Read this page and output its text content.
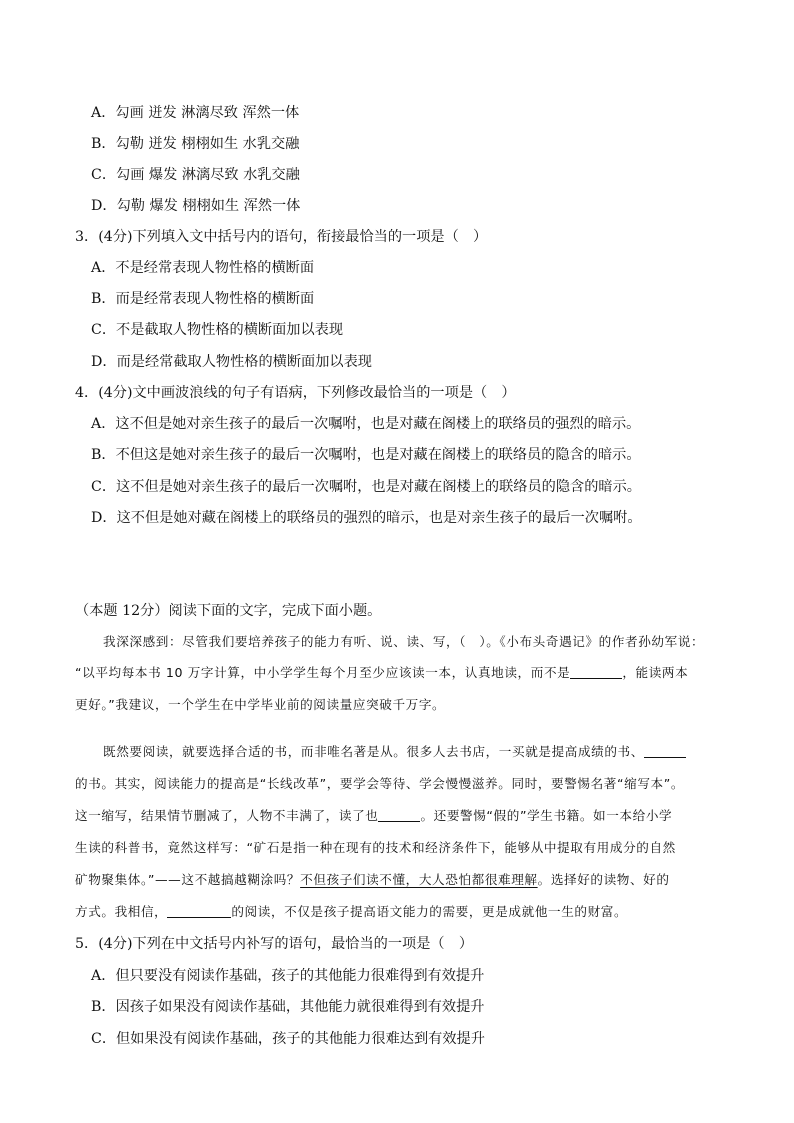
A．勾画 迸发 淋漓尽致 浑然一体
B．勾勒 迸发 栩栩如生 水乳交融
C．勾画 爆发 淋漓尽致 水乳交融
D．勾勒 爆发 栩栩如生 浑然一体
3．(4分)下列填入文中括号内的语句，衔接最恰当的一项是（　）
A．不是经常表现人物性格的横断面
B．而是经常表现人物性格的横断面
C．不是截取人物性格的横断面加以表现
D．而是经常截取人物性格的横断面加以表现
4．(4分)文中画波浪线的句子有语病，下列修改最恰当的一项是（　）
A．这不但是她对亲生孩子的最后一次嘱咐，也是对藏在阁楼上的联络员的强烈的暗示。
B．不但这是她对亲生孩子的最后一次嘱咐，也是对藏在阁楼上的联络员的隐含的暗示。
C．这不但是她对亲生孩子的最后一次嘱咐，也是对藏在阁楼上的联络员的隐含的暗示。
D．这不但是她对藏在阁楼上的联络员的强烈的暗示，也是对亲生孩子的最后一次嘱咐。
（本题 12分）阅读下面的文字，完成下面小题。
我深深感到：尽管我们要培养孩子的能力有听、说、读、写，（　）。《小布头奇遇记》的作者孙幼军说：
“以平均每本书 10 万字计算，中小学学生每个月至少应该读一本，认真地读，而不是	，能读两本
更好。”我建议，一个学生在中学毕业前的阅读量应突破千万字。
既然要阅读，就要选择合适的书，而非唯名著是从。很多人去书店，一买就是提高成绩的书、
的书。其实，阅读能力的提高是“长线改革”，要学会等待、学会慢慢滋养。同时，要警惕名著“缩写本”。
这一缩写，结果情节删减了，人物不丰满了，读了也	。还要警惕“假的”学生书籍。如一本给小学
生读的科普书，竟然这样写：“矿石是指一种在现有的技术和经济条件下，能够从中提取有用成分的自然
矿物聚集体。”——这不越搞越糊涂吗？不但孩子们读不懂，大人恐怕都很难理解。选择好的读物、好的
方式。我相信，	的阅读，不仅是孩子提高语文能力的需要，更是成就他一生的财富。
5．(4分)下列在中文括号内补写的语句，最恰当的一项是（　）
A．但只要没有阅读作基础，孩子的其他能力很难得到有效提升
B．因孩子如果没有阅读作基础，其他能力就很难得到有效提升
C．但如果没有阅读作基础，孩子的其他能力很难达到有效提升
